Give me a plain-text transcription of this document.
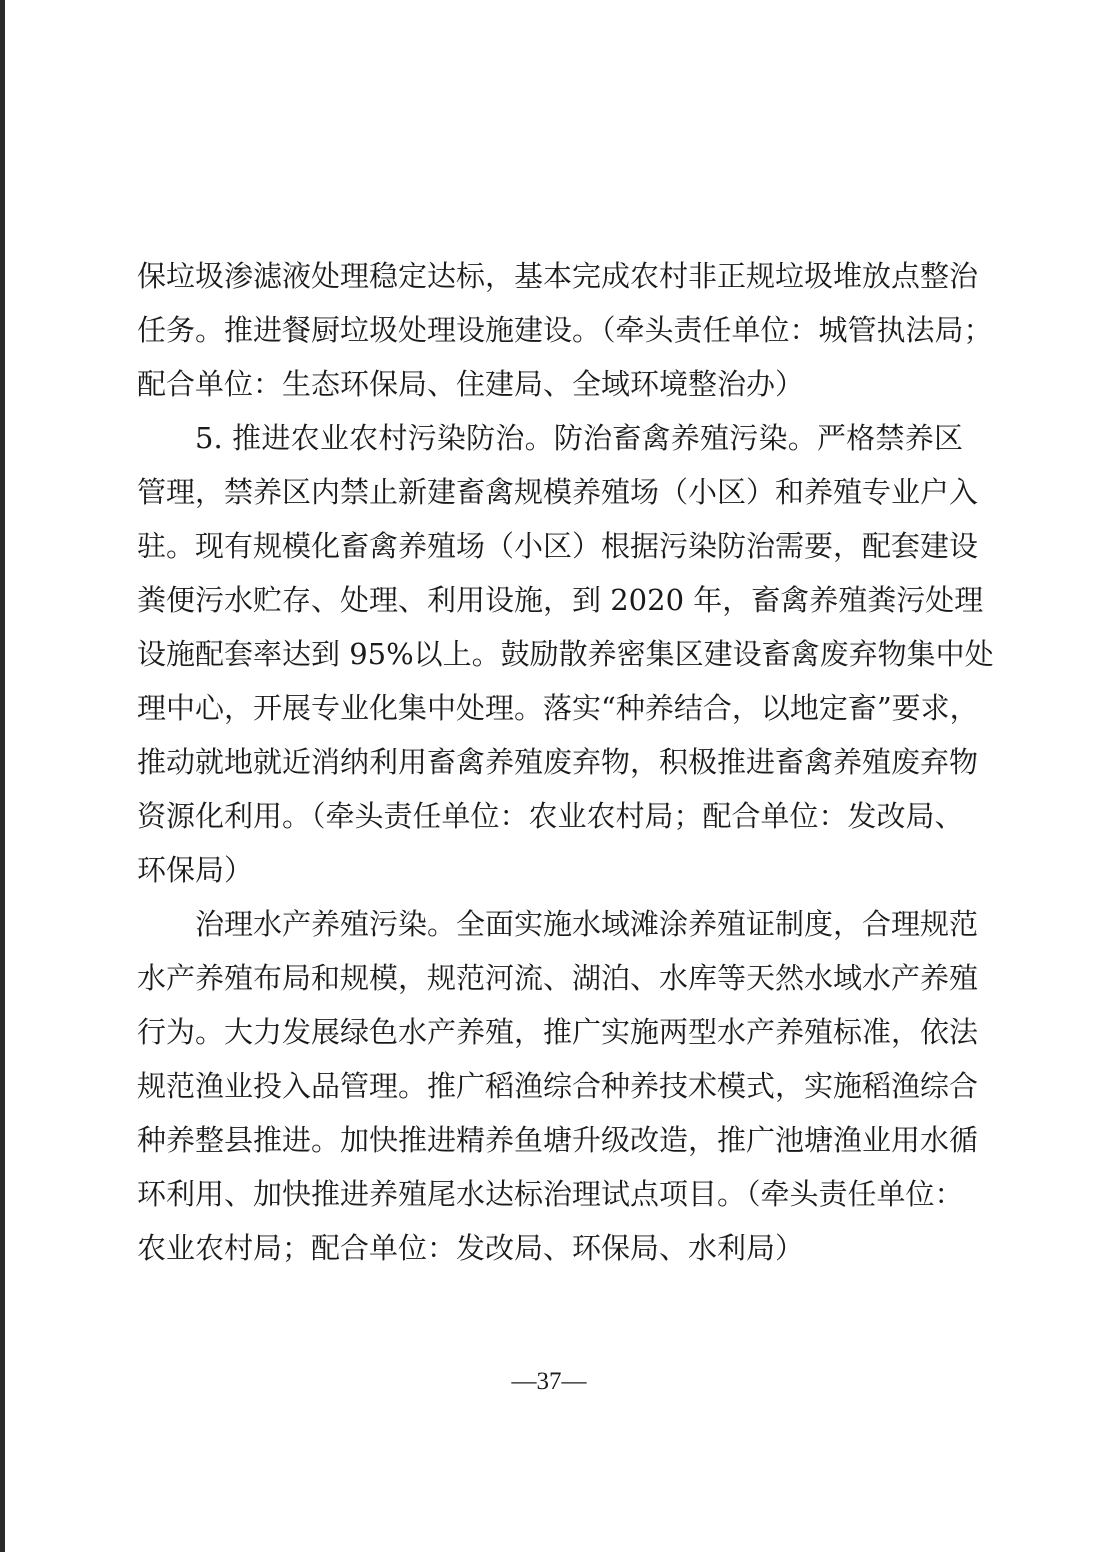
保垃圾渗滤液处理稳定达标，基本完成农村非正规垃圾堆放点整治
任务。推进餐厨垃圾处理设施建设。（牵头责任单位：城管执法局；
配合单位：生态环保局、住建局、全域环境整治办）
5. 推进农业农村污染防治。防治畜禽养殖污染。严格禁养区
管理，禁养区内禁止新建畜禽规模养殖场（小区）和养殖专业户入
驻。现有规模化畜禽养殖场（小区）根据污染防治需要，配套建设
粪便污水贮存、处理、利用设施，到 2020 年，畜禽养殖粪污处理
设施配套率达到 95%以上。鼓励散养密集区建设畜禽废弃物集中处
理中心，开展专业化集中处理。落实“种养结合，以地定畜”要求，
推动就地就近消纳利用畜禽养殖废弃物，积极推进畜禽养殖废弃物
资源化利用。（牵头责任单位：农业农村局；配合单位：发改局、
环保局）
治理水产养殖污染。全面实施水域滩涂养殖证制度，合理规范
水产养殖布局和规模，规范河流、湖泊、水库等天然水域水产养殖
行为。大力发展绿色水产养殖，推广实施两型水产养殖标准，依法
规范渔业投入品管理。推广稻渔综合种养技术模式，实施稻渔综合
种养整县推进。加快推进精养鱼塘升级改造，推广池塘渔业用水循
环利用、加快推进养殖尾水达标治理试点项目。（牵头责任单位：
农业农村局；配合单位：发改局、环保局、水利局）
—37—
